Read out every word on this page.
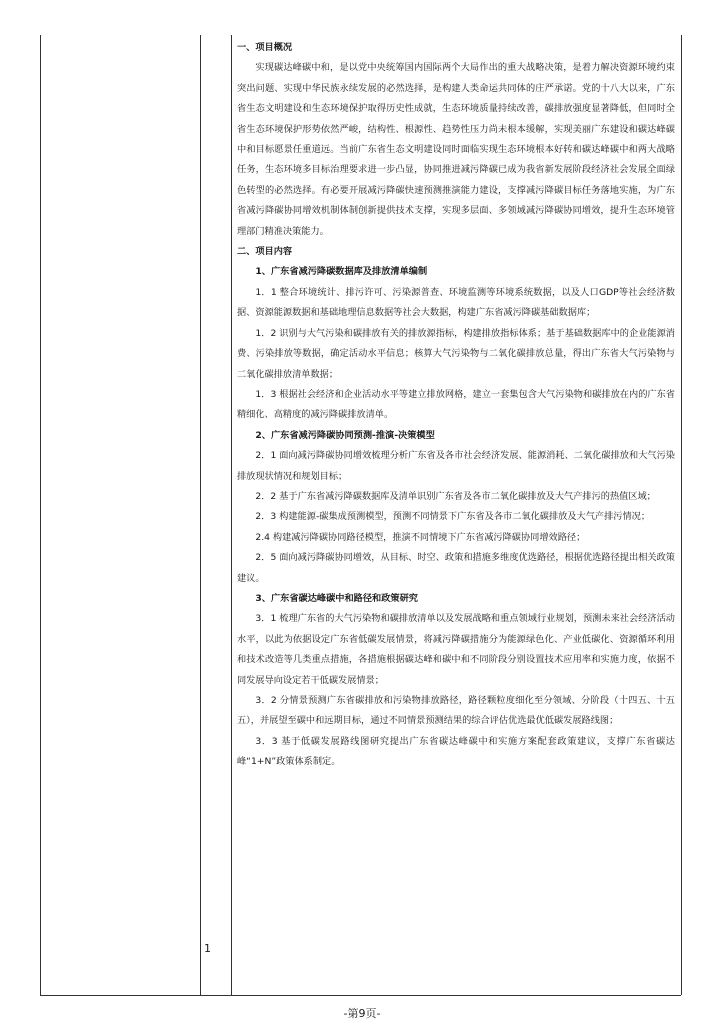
1

一、项目概况

实现碳达峰碳中和，是以党中央统筹国内国际两个大局作出的重大战略决策，是着力解决资源环境约束突出问题、实现中华民族永续发展的必然选择，是构建人类命运共同体的庄严承诺。党的十八大以来，广东省生态文明建设和生态环境保护取得历史性成就，生态环境质量持续改善，碳排放强度显著降低，但同时全省生态环境保护形势依然严峻，结构性、根源性、趋势性压力尚未根本缓解，实现美丽广东建设和碳达峰碳中和目标愿景任重道远。当前广东省生态文明建设同时面临实现生态环境根本好转和碳达峰碳中和两大战略任务，生态环境多目标治理要求进一步凸显，协同推进减污降碳已成为我省新发展阶段经济社会发展全面绿色转型的必然选择。有必要开展减污降碳快速预测推演能力建设，支撑减污降碳目标任务落地实施，为广东省减污降碳协同增效机制体制创新提供技术支撑，实现多层面、多领域减污降碳协同增效，提升生态环境管理部门精准决策能力。

二、项目内容

1、广东省减污降碳数据库及排放清单编制

1．1 整合环境统计、排污许可、污染源普查、环境监测等环境系统数据，以及人口GDP等社会经济数据、资源能源数据和基础地理信息数据等社会大数据，构建广东省减污降碳基础数据库；

1．2 识别与大气污染和碳排放有关的排放源指标，构建排放指标体系；基于基础数据库中的企业能源消费、污染排放等数据，确定活动水平信息；核算大气污染物与二氧化碳排放总量，得出广东省大气污染物与二氧化碳排放清单数据；

1．3 根据社会经济和企业活动水平等建立排放网格，建立一套集包含大气污染物和碳排放在内的广东省精细化、高精度的减污降碳排放清单。

2、广东省减污降碳协同预测-推演-决策模型

2．1 面向减污降碳协同增效梳理分析广东省及各市社会经济发展、能源消耗、二氧化碳排放和大气污染排放现状情况和规划目标；

2．2 基于广东省减污降碳数据库及清单识别广东省及各市二氧化碳排放及大气产排污的热值区域；

2．3 构建能源-碳集成预测模型，预测不同情景下广东省及各市二氧化碳排放及大气产排污情况；

2.4 构建减污降碳协同路径模型，推演不同情境下广东省减污降碳协同增效路径；

2．5 面向减污降碳协同增效，从目标、时空、政策和措施多维度优选路径，根据优选路径提出相关政策建议。

3、广东省碳达峰碳中和路径和政策研究

3．1 梳理广东省的大气污染物和碳排放清单以及发展战略和重点领域行业规划，预测未来社会经济活动水平，以此为依据设定广东省低碳发展情景，将减污降碳措施分为能源绿色化、产业低碳化、资源循环利用和技术改造等几类重点措施，各措施根据碳达峰和碳中和不同阶段分别设置技术应用率和实施力度，依据不同发展导向设定若干低碳发展情景；

3．2 分情景预测广东省碳排放和污染物排放路径，路径颗粒度细化至分领域、分阶段（十四五、十五五），并展望至碳中和远期目标，通过不同情景预测结果的综合评估优选最优低碳发展路线图；

3．3 基于低碳发展路线图研究提出广东省碳达峰碳中和实施方案配套政策建议，支撑广东省碳达峰“1+N”政策体系制定。

-第9页-
